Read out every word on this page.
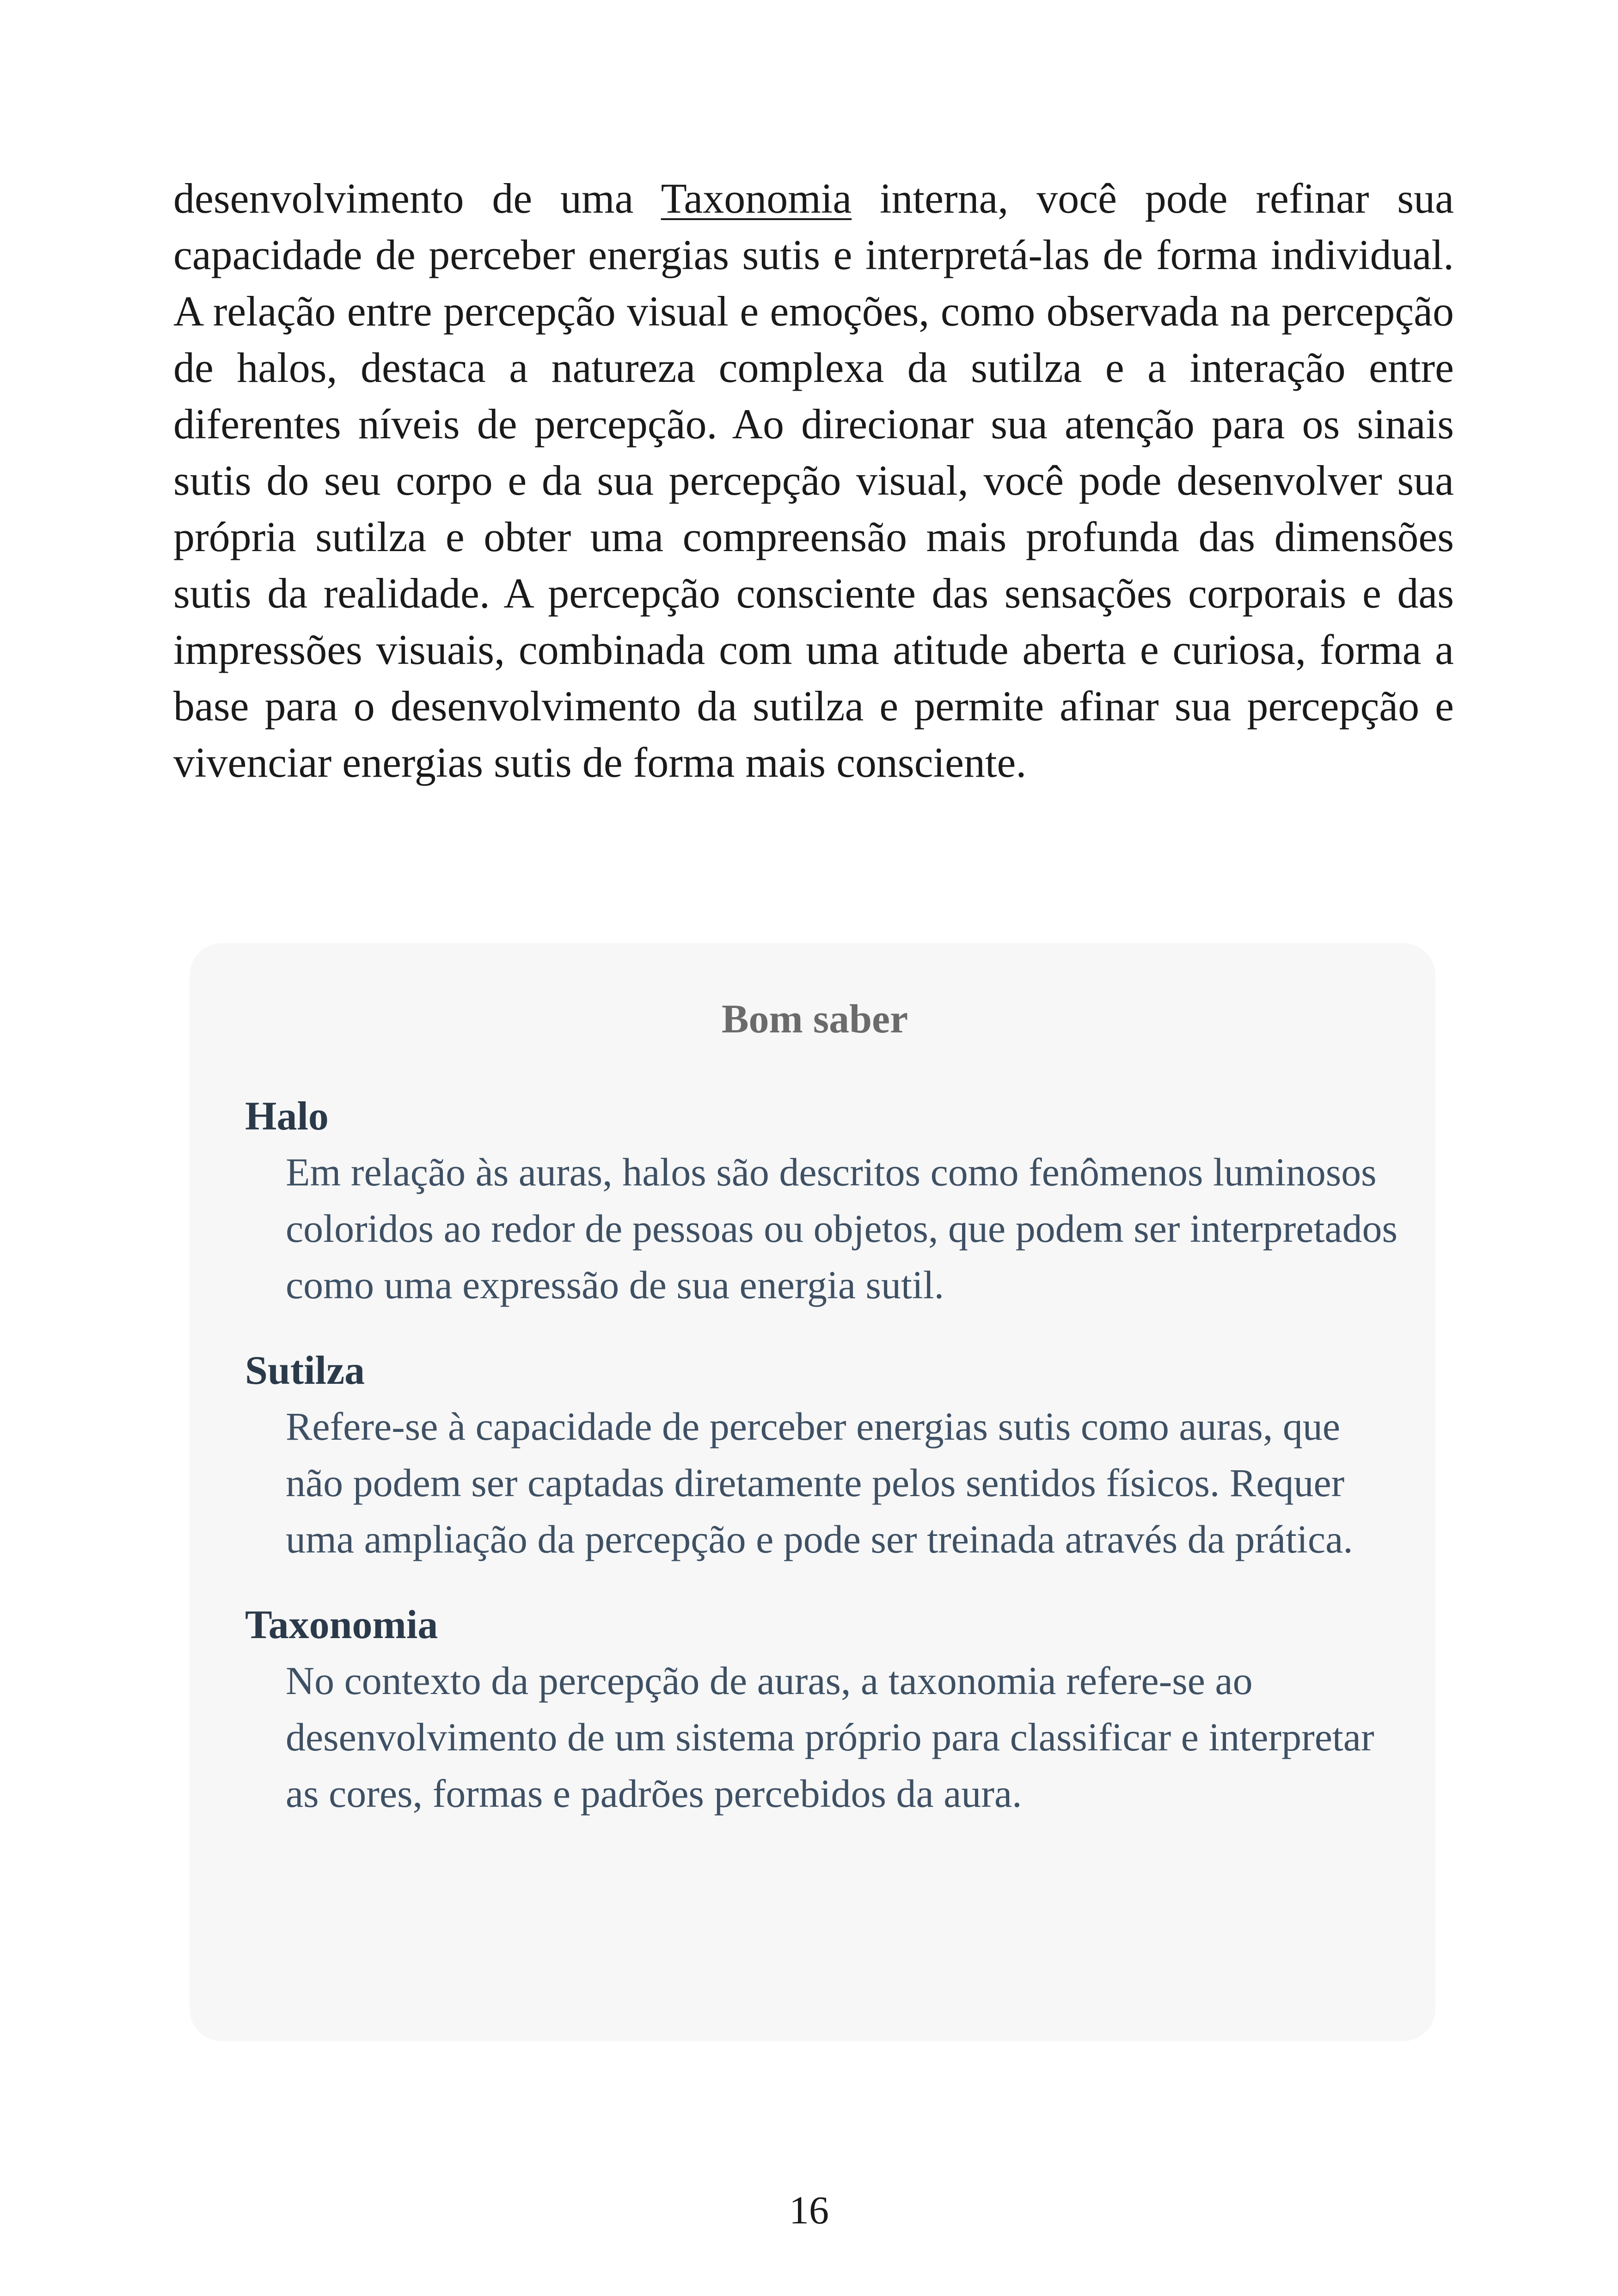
desenvolvimento de uma Taxonomia interna, você pode refinar sua capacidade de perceber energias sutis e interpretá-las de forma individual. A relação entre percepção visual e emoções, como observada na percepção de halos, destaca a natureza complexa da sutilza e a interação entre diferentes níveis de percepção. Ao direcionar sua atenção para os sinais sutis do seu corpo e da sua percepção visual, você pode desenvolver sua própria sutilza e obter uma compreensão mais profunda das dimensões sutis da realidade. A percepção consciente das sensações corporais e das impressões visuais, combinada com uma atitude aberta e curiosa, forma a base para o desenvolvimento da sutilza e permite afinar sua percepção e vivenciar energias sutis de forma mais consciente.

Bom saber

Halo

Em relação às auras, halos são descritos como fenômenos luminosos coloridos ao redor de pessoas ou objetos, que podem ser interpretados como uma expressão de sua energia sutil.

Sutilza

Refere-se à capacidade de perceber energias sutis como auras, que não podem ser captadas diretamente pelos sentidos físicos. Requer uma ampliação da percepção e pode ser treinada através da prática.

Taxonomia

No contexto da percepção de auras, a taxonomia refere-se ao desenvolvimento de um sistema próprio para classificar e interpretar as cores, formas e padrões percebidos da aura.

16
